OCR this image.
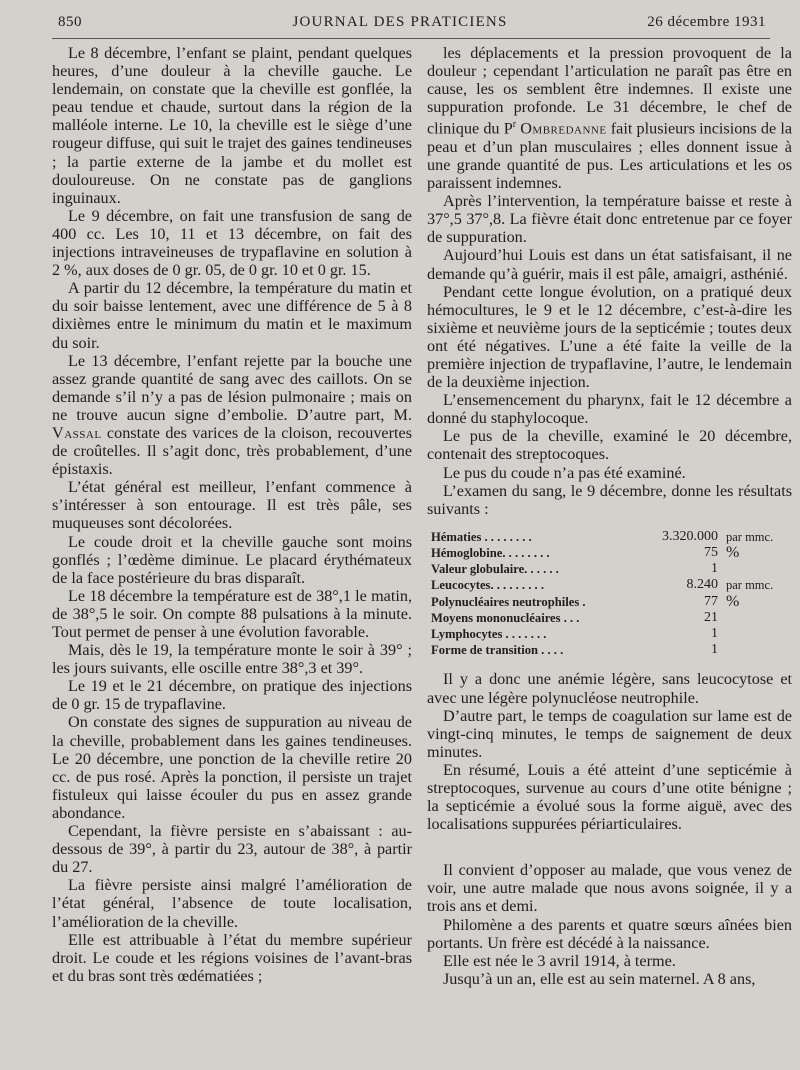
850	JOURNAL DES PRATICIENS	26 décembre 1931

Le 8 décembre, l’enfant se plaint, pendant quelques heures, d’une douleur à la cheville gauche. Le lendemain, on constate que la cheville est gonflée, la peau tendue et chaude, surtout dans la région de la malléole interne. Le 10, la cheville est le siège d’une rougeur diffuse, qui suit le trajet des gaines tendineuses ; la partie externe de la jambe et du mollet est douloureuse. On ne constate pas de ganglions inguinaux.

Le 9 décembre, on fait une transfusion de sang de 400 cc. Les 10, 11 et 13 décembre, on fait des injections intraveineuses de trypaflavine en solution à 2 %, aux doses de 0 gr. 05, de 0 gr. 10 et 0 gr. 15.

A partir du 12 décembre, la température du matin et du soir baisse lentement, avec une différence de 5 à 8 dixièmes entre le minimum du matin et le maximum du soir.

Le 13 décembre, l’enfant rejette par la bouche une assez grande quantité de sang avec des caillots. On se demande s’il n’y a pas de lésion pulmonaire ; mais on ne trouve aucun signe d’embolie. D’autre part, M. Vassal constate des varices de la cloison, recouvertes de croûtelles. Il s’agit donc, très probablement, d’une épistaxis.

L’état général est meilleur, l’enfant commence à s’intéresser à son entourage. Il est très pâle, ses muqueuses sont décolorées.

Le coude droit et la cheville gauche sont moins gonflés ; l’œdème diminue. Le placard érythémateux de la face postérieure du bras disparaît.

Le 18 décembre la température est de 38°,1 le matin, de 38°,5 le soir. On compte 88 pulsations à la minute. Tout permet de penser à une évolution favorable.

Mais, dès le 19, la température monte le soir à 39° ; les jours suivants, elle oscille entre 38°,3 et 39°.

Le 19 et le 21 décembre, on pratique des injections de 0 gr. 15 de trypaflavine.

On constate des signes de suppuration au niveau de la cheville, probablement dans les gaines tendineuses. Le 20 décembre, une ponction de la cheville retire 20 cc. de pus rosé. Après la ponction, il persiste un trajet fistuleux qui laisse écouler du pus en assez grande abondance.

Cependant, la fièvre persiste en s’abaissant : au-dessous de 39°, à partir du 23, autour de 38°, à partir du 27.

La fièvre persiste ainsi malgré l’amélioration de l’état général, l’absence de toute localisation, l’amélioration de la cheville.

Elle est attribuable à l’état du membre supérieur droit. Le coude et les régions voisines de l’avant-bras et du bras sont très œdématiées ;

les déplacements et la pression provoquent de la douleur ; cependant l’articulation ne paraît pas être en cause, les os semblent être indemnes. Il existe une suppuration profonde. Le 31 décembre, le chef de clinique du $P^r$ Ombredanne fait plusieurs incisions de la peau et d’un plan musculaires ; elles donnent issue à une grande quantité de pus. Les articulations et les os paraissent indemnes.

Après l’intervention, la température baisse et reste à 37°,5 37°,8. La fièvre était donc entretenue par ce foyer de suppuration.

Aujourd’hui Louis est dans un état satisfaisant, il ne demande qu’à guérir, mais il est pâle, amaigri, asthénié.

Pendant cette longue évolution, on a pratiqué deux hémocultures, le 9 et le 12 décembre, c’est-à-dire les sixième et neuvième jours de la septicémie ; toutes deux ont été négatives. L’une a été faite la veille de la première injection de trypaflavine, l’autre, le lendemain de la deuxième injection.

L’ensemencement du pharynx, fait le 12 décembre a donné du staphylocoque.

Le pus de la cheville, examiné le 20 décembre, contenait des streptocoques.

Le pus du coude n’a pas été examiné.

L’examen du sang, le 9 décembre, donne les résultats suivants :

Hématies . . . . . . . .	3.320.000	par mmc.
Hémoglobine. . . . . . . .	75	%
Valeur globulaire. . . . . .	1	
Leucocytes. . . . . . . . .	8.240	par mmc.
Polynucléaires neutrophiles .	77	%
Moyens mononucléaires . . .	21	
Lymphocytes . . . . . . .	1	
Forme de transition . . . .	1	

Il y a donc une anémie légère, sans leucocytose et avec une légère polynucléose neutrophile.

D’autre part, le temps de coagulation sur lame est de vingt-cinq minutes, le temps de saignement de deux minutes.

En résumé, Louis a été atteint d’une septicémie à streptocoques, survenue au cours d’une otite bénigne ; la septicémie a évolué sous la forme aiguë, avec des localisations suppurées périarticulaires.

Il convient d’opposer au malade, que vous venez de voir, une autre malade que nous avons soignée, il y a trois ans et demi.

Philomène a des parents et quatre sœurs aînées bien portants. Un frère est décédé à la naissance.

Elle est née le 3 avril 1914, à terme.

Jusqu’à un an, elle est au sein maternel. A 8 ans,
